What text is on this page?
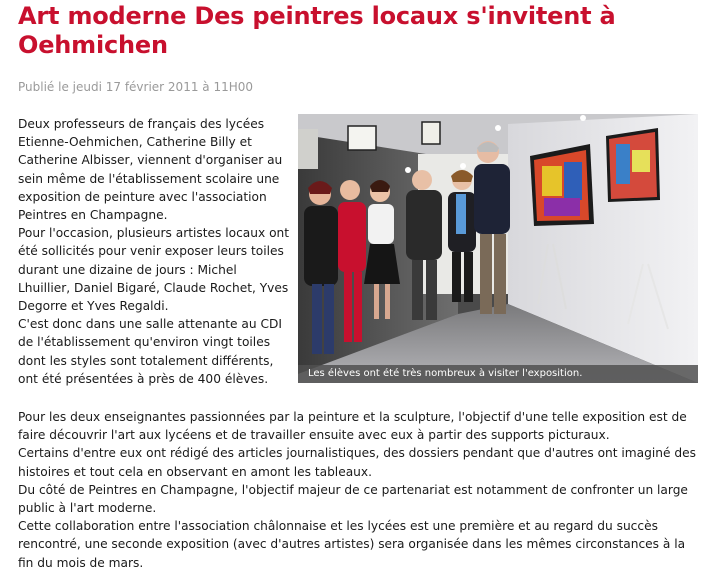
Art moderne Des peintres locaux s'invitent à Oehmichen
Publié le jeudi 17 février 2011 à 11H00
Les élèves ont été très nombreux à visiter l'exposition.

Deux professeurs de français des lycées Etienne-Oehmichen, Catherine Billy et Catherine Albisser, viennent d'organiser au sein même de l'établissement scolaire une exposition de peinture avec l'association Peintres en Champagne.

Pour l'occasion, plusieurs artistes locaux ont été sollicités pour venir exposer leurs toiles durant une dizaine de jours : Michel Lhuillier, Daniel Bigaré, Claude Rochet, Yves Degorre et Yves Regaldi.

C'est donc dans une salle attenante au CDI de l'établissement qu'environ vingt toiles dont les styles sont totalement différents, ont été présentées à près de 400 élèves.

Pour les deux enseignantes passionnées par la peinture et la sculpture, l'objectif d'une telle exposition est de faire découvrir l'art aux lycéens et de travailler ensuite avec eux à partir des supports picturaux.

Certains d'entre eux ont rédigé des articles journalistiques, des dossiers pendant que d'autres ont imaginé des histoires et tout cela en observant en amont les tableaux.

Du côté de Peintres en Champagne, l'objectif majeur de ce partenariat est notamment de confronter un large public à l'art moderne.

Cette collaboration entre l'association châlonnaise et les lycées est une première et au regard du succès rencontré, une seconde exposition (avec d'autres artistes) sera organisée dans les mêmes circonstances à la fin du mois de mars.
